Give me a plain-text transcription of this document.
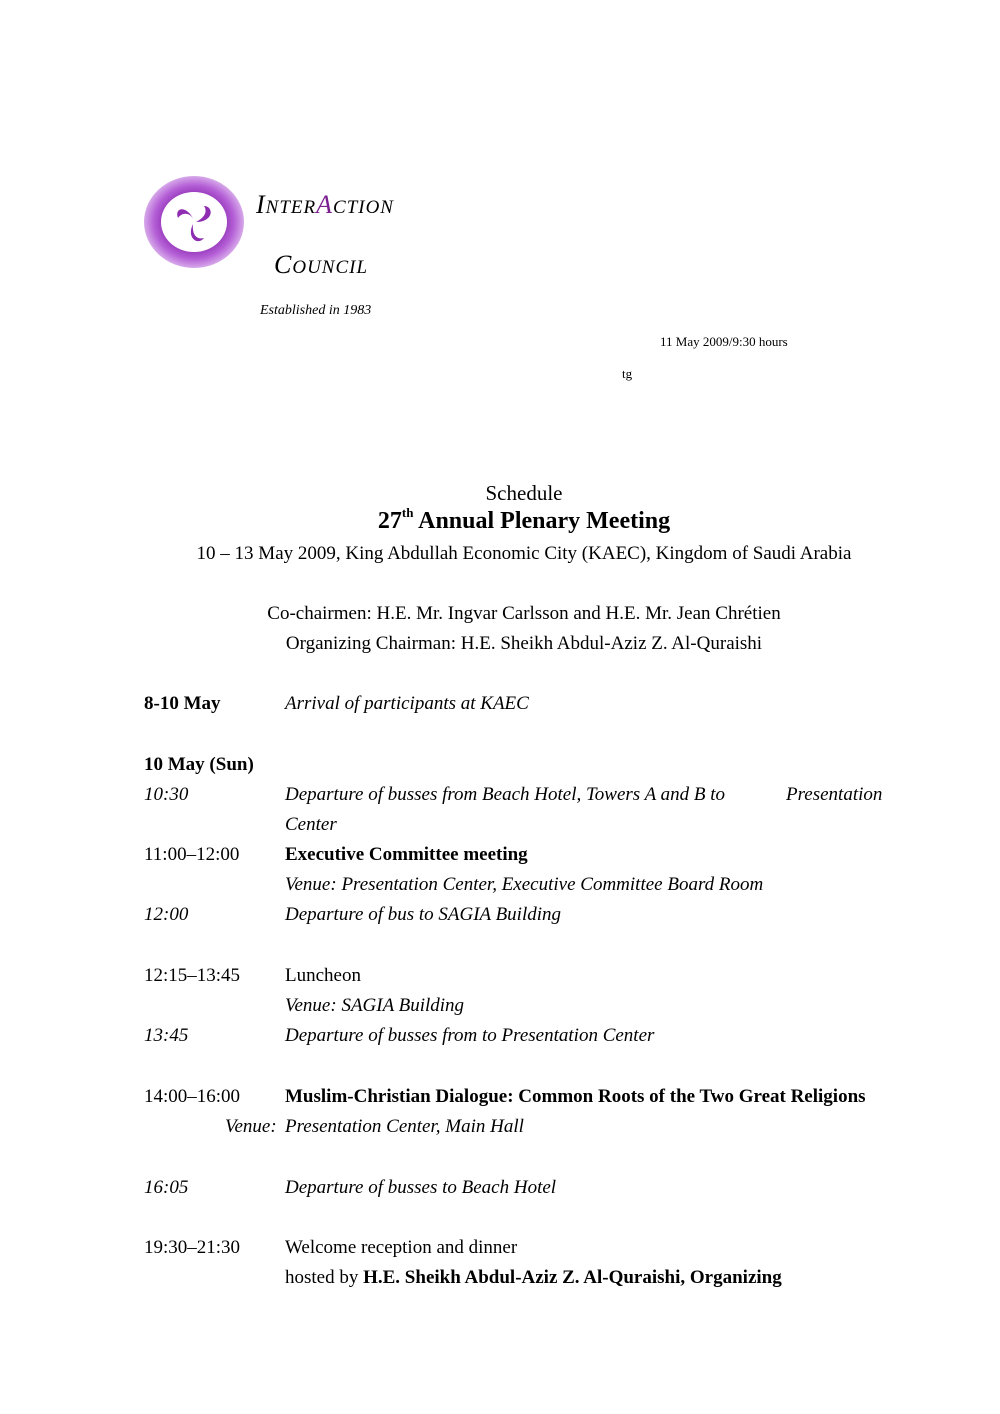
INTERACTION
COUNCIL
Established in 1983
11 May 2009/9:30 hours
tg
Schedule
27th Annual Plenary Meeting
10 – 13 May 2009, King Abdullah Economic City (KAEC), Kingdom of Saudi Arabia
Co-chairmen: H.E. Mr. Ingvar Carlsson and H.E. Mr. Jean Chrétien
Organizing Chairman: H.E. Sheikh Abdul-Aziz Z. Al-Quraishi
8-10 May	Arrival of participants at KAEC
10 May (Sun)
10:30	Departure of busses from Beach Hotel, Towers A and B to	Presentation
Center
11:00–12:00 Executive Committee meeting
Venue: Presentation Center, Executive Committee Board Room
12:00	Departure of bus to SAGIA Building
12:15–13:45 Luncheon
Venue: SAGIA Building
13:45	Departure of busses from to Presentation Center
14:00–16:00 Muslim-Christian Dialogue: Common Roots of the Two Great Religions
Venue: Presentation Center, Main Hall
16:05	Departure of busses to Beach Hotel
19:30–21:30 Welcome reception and dinner
hosted by H.E. Sheikh Abdul-Aziz Z. Al-Quraishi, Organizing
